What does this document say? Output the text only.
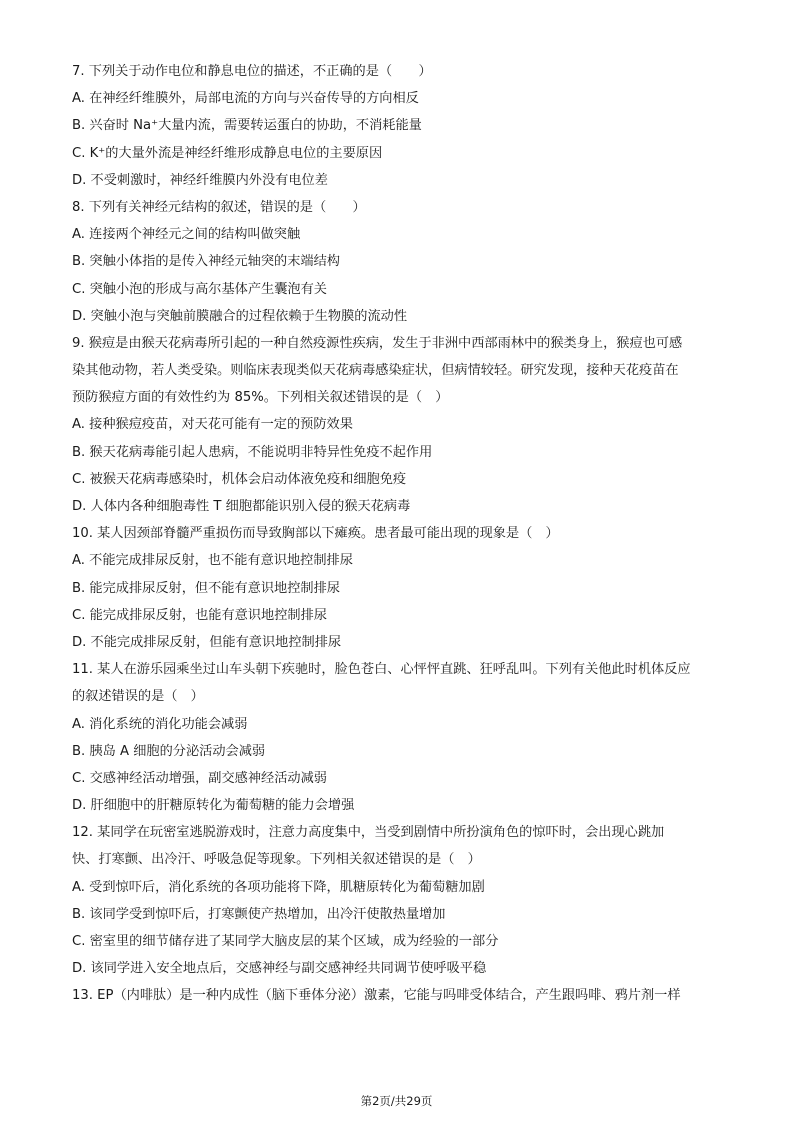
7. 下列关于动作电位和静息电位的描述，不正确的是（　　）
A. 在神经纤维膜外，局部电流的方向与兴奋传导的方向相反
B. 兴奋时 Na⁺大量内流，需要转运蛋白的协助，不消耗能量
C. K⁺的大量外流是神经纤维形成静息电位的主要原因
D. 不受刺激时，神经纤维膜内外没有电位差
8. 下列有关神经元结构的叙述，错误的是（　　）
A. 连接两个神经元之间的结构叫做突触
B. 突触小体指的是传入神经元轴突的末端结构
C. 突触小泡的形成与高尔基体产生囊泡有关
D. 突触小泡与突触前膜融合的过程依赖于生物膜的流动性
9. 猴痘是由猴天花病毒所引起的一种自然疫源性疾病，发生于非洲中西部雨林中的猴类身上，猴痘也可感
染其他动物，若人类受染。则临床表现类似天花病毒感染症状，但病情较轻。研究发现，接种天花疫苗在
预防猴痘方面的有效性约为 85%。下列相关叙述错误的是（　）
A. 接种猴痘疫苗，对天花可能有一定的预防效果
B. 猴天花病毒能引起人患病，不能说明非特异性免疫不起作用
C. 被猴天花病毒感染时，机体会启动体液免疫和细胞免疫
D. 人体内各种细胞毒性 T 细胞都能识别入侵的猴天花病毒
10. 某人因颈部脊髓严重损伤而导致胸部以下瘫痪。患者最可能出现的现象是（　）
A. 不能完成排尿反射，也不能有意识地控制排尿
B. 能完成排尿反射，但不能有意识地控制排尿
C. 能完成排尿反射，也能有意识地控制排尿
D. 不能完成排尿反射，但能有意识地控制排尿
11. 某人在游乐园乘坐过山车头朝下疾驰时，脸色苍白、心怦怦直跳、狂呼乱叫。下列有关他此时机体反应
的叙述错误的是（　）
A. 消化系统的消化功能会减弱
B. 胰岛 A 细胞的分泌活动会减弱
C. 交感神经活动增强，副交感神经活动减弱
D. 肝细胞中的肝糖原转化为葡萄糖的能力会增强
12. 某同学在玩密室逃脱游戏时，注意力高度集中，当受到剧情中所扮演角色的惊吓时，会出现心跳加
快、打寒颤、出冷汗、呼吸急促等现象。下列相关叙述错误的是（　）
A. 受到惊吓后，消化系统的各项功能将下降，肌糖原转化为葡萄糖加剧
B. 该同学受到惊吓后，打寒颤使产热增加，出冷汗使散热量增加
C. 密室里的细节储存进了某同学大脑皮层的某个区域，成为经验的一部分
D. 该同学进入安全地点后，交感神经与副交感神经共同调节使呼吸平稳
13. EP（内啡肽）是一种内成性（脑下垂体分泌）激素，它能与吗啡受体结合，产生跟吗啡、鸦片剂一样
第2页/共29页
